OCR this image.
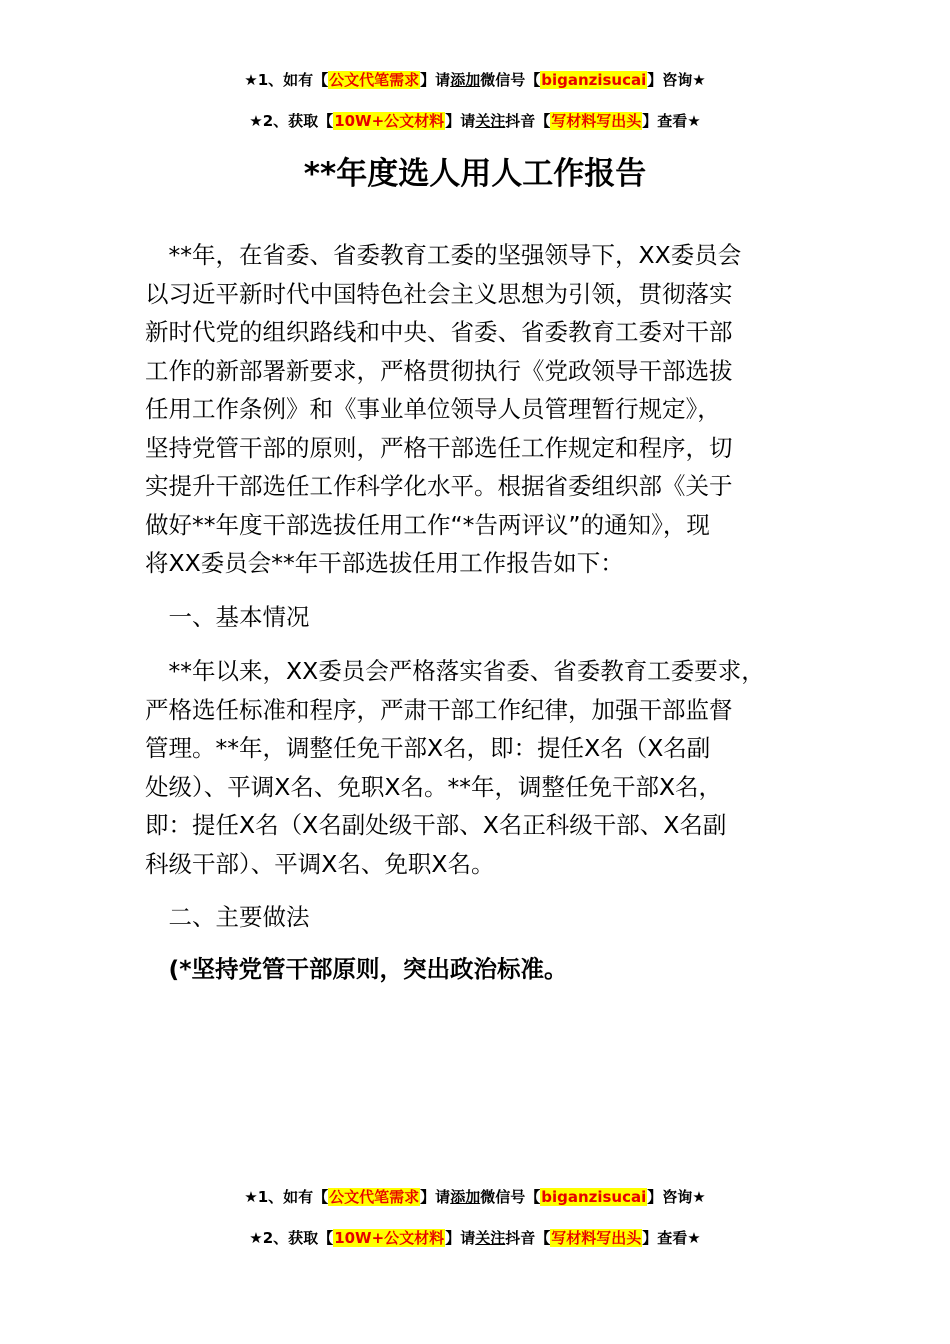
★1、如有【公文代笔需求】请添加微信号【biganzisucai】咨询★
★2、获取【10W+公文材料】请关注抖音【写材料写出头】查看★
**年度选人用人工作报告
　**年，在省委、省委教育工委的坚强领导下，XX委员会
以习近平新时代中国特色社会主义思想为引领，贯彻落实
新时代党的组织路线和中央、省委、省委教育工委对干部
工作的新部署新要求，严格贯彻执行《党政领导干部选拔
任用工作条例》和《事业单位领导人员管理暂行规定》，
坚持党管干部的原则，严格干部选任工作规定和程序，切
实提升干部选任工作科学化水平。根据省委组织部《关于
做好**年度干部选拔任用工作“*告两评议”的通知》，现
将XX委员会**年干部选拔任用工作报告如下：
　一、基本情况
　**年以来，XX委员会严格落实省委、省委教育工委要求，
严格选任标准和程序，严肃干部工作纪律，加强干部监督
管理。**年，调整任免干部X名，即：提任X名（X名副
处级）、平调X名、免职X名。**年，调整任免干部X名，
即：提任X名（X名副处级干部、X名正科级干部、X名副
科级干部）、平调X名、免职X名。
　二、主要做法
　(*坚持党管干部原则，突出政治标准。
★1、如有【公文代笔需求】请添加微信号【biganzisucai】咨询★
★2、获取【10W+公文材料】请关注抖音【写材料写出头】查看★
